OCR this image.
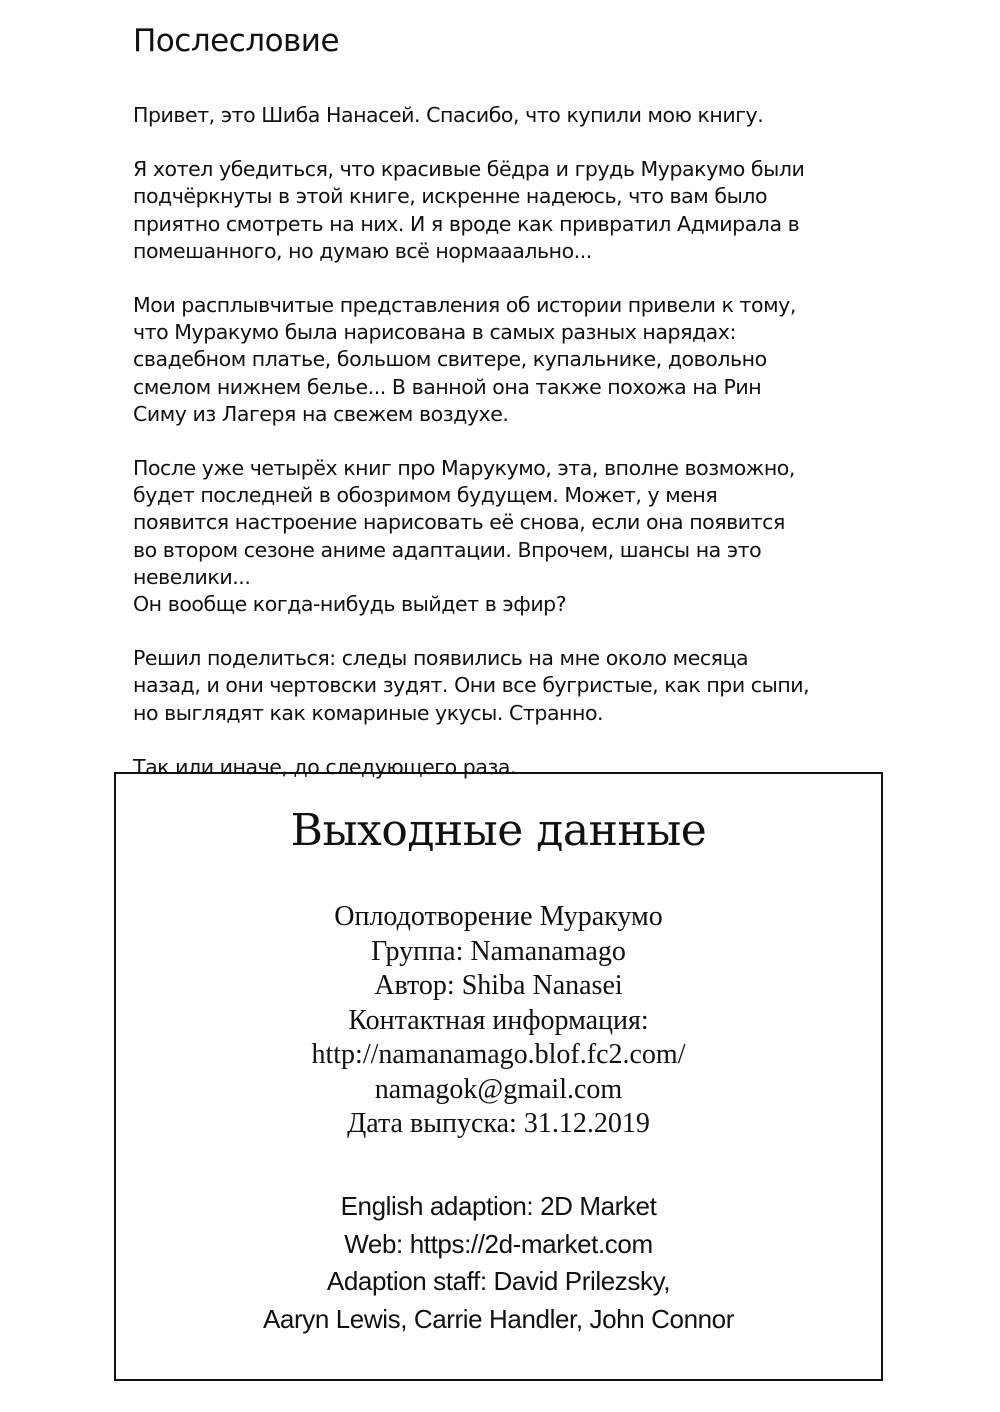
Послесловие

Привет, это Шиба Нанасей. Спасибо, что купили мою книгу.

Я хотел убедиться, что красивые бёдра и грудь Муракумо были
подчёркнуты в этой книге, искренне надеюсь, что вам было
приятно смотреть на них. И я вроде как привратил Адмирала в
помешанного, но думаю всё нормааально...

Мои расплывчитые представления об истории привели к тому,
что Муракумо была нарисована в самых разных нарядах:
свадебном платье, большом свитере, купальнике, довольно
смелом нижнем белье... В ванной она также похожа на Рин
Симу из Лагеря на свежем воздухе.

После уже четырёх книг про Марукумо, эта, вполне возможно,
будет последней в обозримом будущем. Может, у меня
появится настроение нарисовать её снова, если она появится
во втором сезоне аниме адаптации. Впрочем, шансы на это
невелики...
Он вообще когда-нибудь выйдет в эфир?

Решил поделиться: следы появились на мне около месяца
назад, и они чертовски зудят. Они все бугристые, как при сыпи,
но выглядят как комариные укусы. Странно.

Так или иначе, до следующего раза.

Выходные данные
Оплодотворение Муракумо
Группа: Namanamago
Автор: Shiba Nanasei
Контактная информация:
http://namanamago.blof.fc2.com/
namagok@gmail.com
Дата выпуска: 31.12.2019
English adaption: 2D Market
Web: https://2d-market.com
Adaption staff: David Prilezsky,
Aaryn Lewis, Carrie Handler, John Connor
